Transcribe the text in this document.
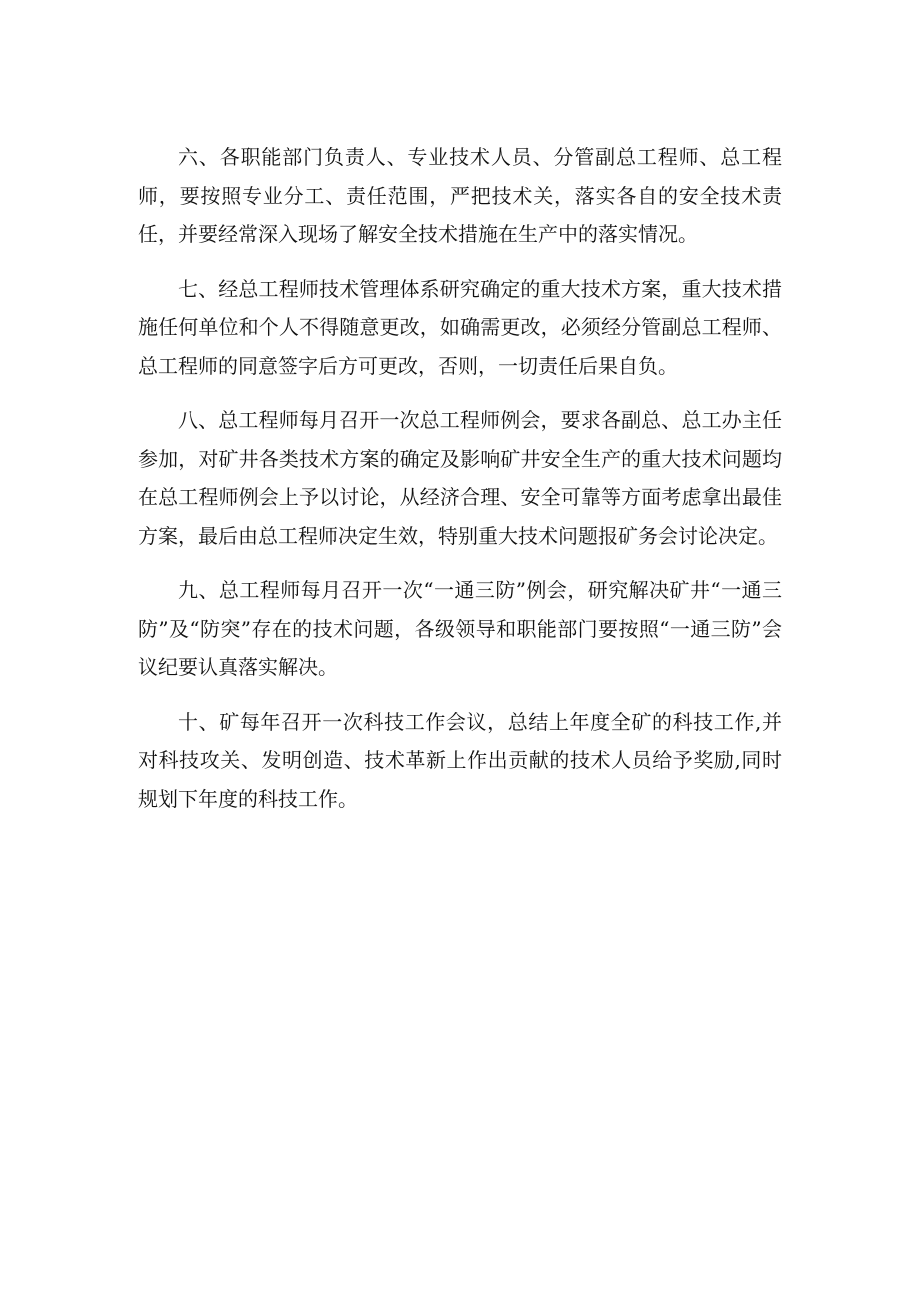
六、各职能部门负责人、专业技术人员、分管副总工程师、总工程师，要按照专业分工、责任范围，严把技术关，落实各自的安全技术责任，并要经常深入现场了解安全技术措施在生产中的落实情况。

七、经总工程师技术管理体系研究确定的重大技术方案，重大技术措施任何单位和个人不得随意更改，如确需更改，必须经分管副总工程师、总工程师的同意签字后方可更改，否则，一切责任后果自负。

八、总工程师每月召开一次总工程师例会，要求各副总、总工办主任参加，对矿井各类技术方案的确定及影响矿井安全生产的重大技术问题均在总工程师例会上予以讨论，从经济合理、安全可靠等方面考虑拿出最佳方案，最后由总工程师决定生效，特别重大技术问题报矿务会讨论决定。

九、总工程师每月召开一次“一通三防”例会，研究解决矿井“一通三防”及“防突”存在的技术问题，各级领导和职能部门要按照“一通三防”会议纪要认真落实解决。

十、矿每年召开一次科技工作会议，总结上年度全矿的科技工作,并对科技攻关、发明创造、技术革新上作出贡献的技术人员给予奖励,同时规划下年度的科技工作。
